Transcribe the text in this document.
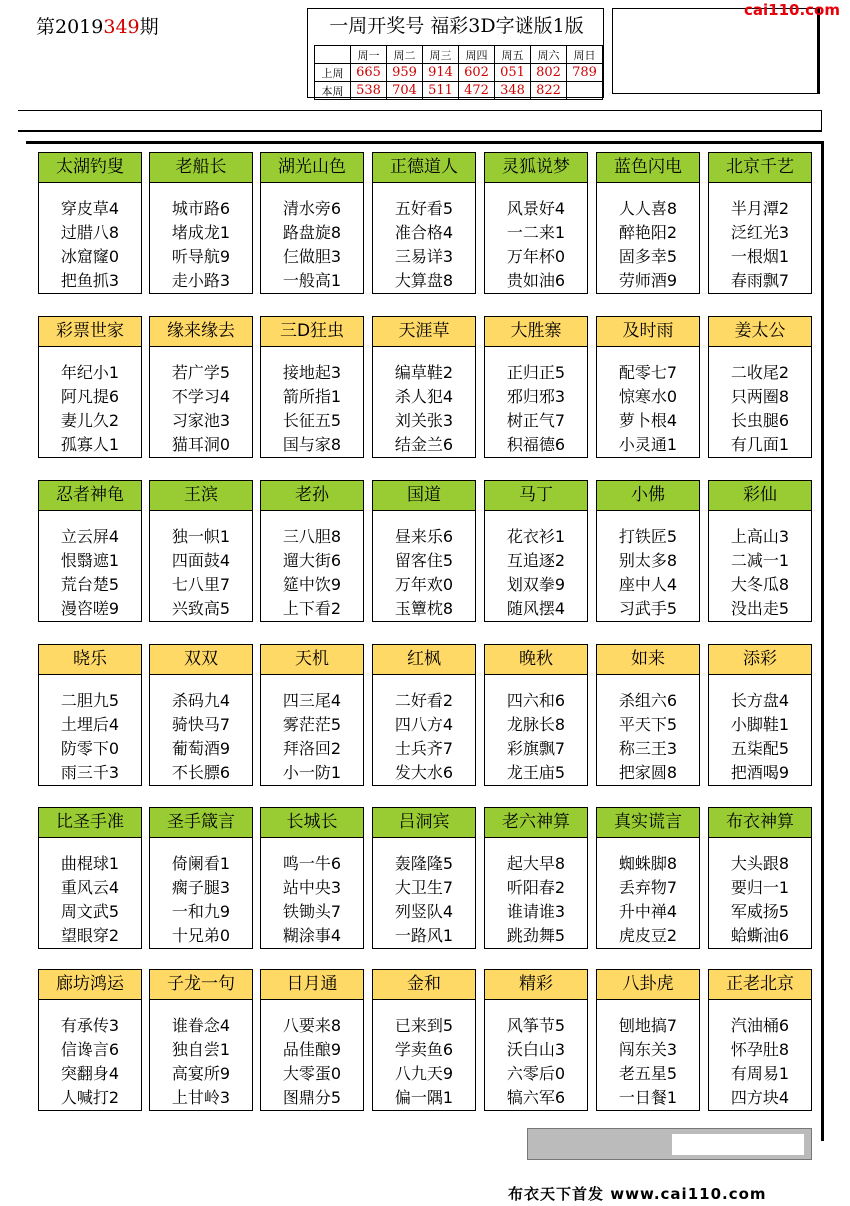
一周开奖号 福彩3D字谜版1版
	周一	周二	周三	周四	周五	周六	周日
上周	665	959	914	602	051	802	789
本周	538	704	511	472	348	822	
第2019349期
cai110.com
太湖钓叟
穿皮草4
过腊八8
冰窟窿0
把鱼抓3
老船长
城市路6
堵成龙1
听导航9
走小路3
湖光山色
清水旁6
路盘旋8
仨做胆3
一般高1
正德道人
五好看5
准合格4
三易详3
大算盘8
灵狐说梦
风景好4
一二来1
万年杯0
贵如油6
蓝色闪电
人人喜8
醉艳阳2
固多幸5
劳师酒9
北京千艺
半月潭2
泛红光3
一根烟1
春雨飘7
彩票世家
年纪小1
阿凡提6
妻儿久2
孤寡人1
缘来缘去
若广学5
不学习4
习家池3
猫耳洞0
三D狂虫
接地起3
箭所指1
长征五5
国与家8
天涯草
编草鞋2
杀人犯4
刘关张3
结金兰6
大胜寨
正归正5
邪归邪3
树正气7
积福德6
及时雨
配零七7
惊寒水0
萝卜根4
小灵通1
姜太公
二收尾2
只两圈8
长虫腿6
有几面1
忍者神龟
立云屏4
恨翳遮1
荒台楚5
漫咨嗟9
王滨
独一帜1
四面鼓4
七八里7
兴致高5
老孙
三八胆8
遛大街6
筵中饮9
上下看2
国道
昼来乐6
留客住5
万年欢0
玉簟枕8
马丁
花衣衫1
互追逐2
划双拳9
随风摆4
小佛
打铁匠5
别太多8
座中人4
习武手5
彩仙
上高山3
二减一1
大冬瓜8
没出走5
晓乐
二胆九5
土埋后4
防零下0
雨三千3
双双
杀码九4
骑快马7
葡萄酒9
不长膘6
天机
四三尾4
雾茫茫5
拜洛回2
小一防1
红枫
二好看2
四八方4
士兵齐7
发大水6
晚秋
四六和6
龙脉长8
彩旗飘7
龙王庙5
如来
杀组六6
平天下5
称三王3
把家圆8
添彩
长方盘4
小脚鞋1
五柒配5
把酒喝9
比圣手准
曲棍球1
重风云4
周文武5
望眼穿2
圣手箴言
倚阑看1
瘸子腿3
一和九9
十兄弟0
长城长
鸣一牛6
站中央3
铁锄头7
糊涂事4
吕洞宾
轰隆隆5
大卫生7
列竖队4
一路风1
老六神算
起大早8
听阳春2
谁请谁3
跳劲舞5
真实谎言
蜘蛛脚8
丢弃物7
升中禅4
虎皮豆2
布衣神算
大头跟8
要归一1
军威扬5
蛤蟖油6
廊坊鸿运
有承传3
信谗言6
突翻身4
人喊打2
子龙一句
谁眷念4
独自尝1
高宴所9
上甘岭3
日月通
八要来8
品佳酿9
大零蛋0
图鼎分5
金和
已来到5
学卖鱼6
八九天9
偏一隅1
精彩
风筝节5
沃白山3
六零后0
犒六军6
八卦虎
刨地搞7
闯东关3
老五星5
一日餐1
正老北京
汽油桶6
怀孕肚8
有周易1
四方块4
布衣天下首发 www.cai110.com
